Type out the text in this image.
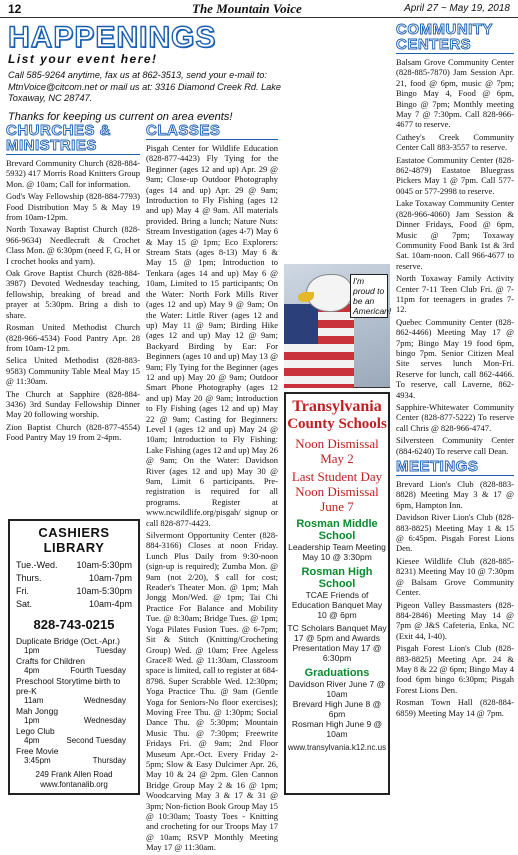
12	The Mountain Voice	April 27 ~ May 19, 2018
HAPPENINGS
List your event here!
Call 585-9264 anytime, fax us at 862-3513, send your e-mail to: MtnVoice@citcom.net or mail us at: 3316 Diamond Creek Rd. Lake Toxaway, NC 28747.
Thanks for keeping us current on area events!
CHURCHES & MINISTRIES
Brevard Community Church (828-884-5932) 417 Morris Road Knitters Group Mon. @ 10am; Call for information.
God's Way Fellowship (828-884-7793) Food Distribution May 5 & May 19 from 10am-12pm.
North Toxaway Baptist Church (828-966-9634) Needlecraft & Crochet Class Mon. @ 6:30pm (need F, G, H or I crochet hooks and yarn).
Oak Grove Baptist Church (828-884-3987) Devoted Wednesday teaching, fellowship, breaking of bread and prayer at 5:30pm. Bring a dish to share.
Rosman United Methodist Church (828-966-4534) Food Pantry Apr. 28 from 10am-12 pm.
Selica United Methodist (828-883-9583) Community Table Meal May 15 @ 11:30am.
The Church at Sapphire (828-884-3436) 3rd Sunday Fellowship Dinner May 20 following worship.
Zion Baptist Church (828-877-4554) Food Pantry May 19 from 2-4pm.
CLASSES
Pisgah Center for Wildlife Education (828-877-4423) Fly Tying for the Beginner (ages 12 and up) Apr. 29 @ 9am; Close-up Outdoor Photography (ages 14 and up) Apr. 29 @ 9am; Introduction to Fly Fishing (ages 12 and up) May 4 @ 9am. All materials provided. Bring a lunch; Nature Nuts: Stream Investigation (ages 4-7) May 6 & May 15 @ 1pm; Eco Explorers: Stream Stats (ages 8-13) May 6 & May 15 @ 1pm; Introduction to Tenkara (ages 14 and up) May 6 @ 10am, Limited to 15 participants; On the Water: North Fork Mills River (ages 12 and up) May 9 @ 9am; On the Water: Little River (ages 12 and up) May 11 @ 9am; Birding Hike (ages 12 and up) May 12 @ 9am; Backyard Birding by Ear: For Beginners (ages 10 and up) May 13 @ 9am; Fly Tying for the Beginner (ages 12 and up) May 20 @ 9am; Outdoor Smart Phone Photography (ages 12 and up) May 20 @ 9am; Introduction to Fly Fishing (ages 12 and up) May 22 @ 9am; Casting for Beginners: Level I (ages 12 and up) May 24 @ 10am; Introduction to Fly Fishing: Lake Fishing (ages 12 and up) May 26 @ 9am; On the Water: Davidson River (ages 12 and up) May 30 @ 9am, Limit 6 participants. Pre-registration is required for all programs. Register at www.ncwildlife.org/pisgah/ signup or call 828-877-4423.
Silvermont Opportunity Center (828-884-3166) Closes at noon Friday. Lunch Plus Daily from 9:30-noon (sign-up is required); Zumba Mon. @ 9am (not 2/20), $ call for cost; Reader's Theater Mon. @ 1pm; Mah Jongg Mon/Wed. @ 1pm; Tai Chi Practice For Balance and Mobility Tue. @ 8:30am; Bridge Tues. @ 1pm; Yoga Pilates Fusion Tues. @ 6-7pm; Sit & Stitch (Knitting/Crocheting Group) Wed. @ 10am; Free Ageless Grace® Wed. @ 11:30am, Classroom space is limited, call to register at 684-8798. Super Scrabble Wed. 12:30pm; Yoga Practice Thu. @ 9am (Gentle Yoga for Seniors-No floor exercises); Moving Free Thu. @ 1:30pm; Social Dance Thu. @ 5:30pm; Mountain Music Thu. @ 7:30pm; Freewrite Fridays Fri. @ 9am; 2nd Floor Museum Apr.-Oct. Every Friday 2-5pm; Slow & Easy Dulcimer Apr. 26, May 10 & 24 @ 2pm. Glen Cannon Bridge Group May 2 & 16 @ 1pm; Woodcarving May 3 & 17 & 31 @ 3pm; Non-fiction Book Group May 15 @ 10:30am; Toasty Toes - Knitting and crocheting for our Troops May 17 @ 10am; RSVP Monthly Meeting May 17 @ 11:30am.
CASHIERS LIBRARY
Tue.-Wed. 10am-5:30pm
Thurs.	10am-7pm
Fri.	10am-5:30pm
Sat.	10am-4pm
828-743-0215
Duplicate Bridge (Oct.-Apr.)
1pm	Tuesday
Crafts for Children
4pm	Fourth Tuesday
Preschool Storytime birth to pre-K
11am	Wednesday
Mah Jongg
1pm	Wednesday
Lego Club
4pm	Second Tuesday
Free Movie
3:45pm	Thursday
249 Frank Allen Road
www.fontanalib.org
I'm proud to be an American!
Transylvania
County Schools
Noon Dismissal May 2
Last Student Day Noon Dismissal June 7
Rosman Middle School
Leadership Team Meeting May 10 @ 3:30pm
Rosman High School
TCAE Friends of Education Banquet May 10 @ 6pm
TC Scholars Banquet May 17 @ 5pm and Awards Presentation May 17 @ 6:30pm
Graduations
Davidson River June 7 @ 10am
Brevard High June 8 @ 6pm
Rosman High June 9 @ 10am
www.transylvania.k12.nc.us
COMMUNITY CENTERS
Balsam Grove Community Center (828-885-7870) Jam Session Apr. 21, food @ 6pm, music @ 7pm; Bingo May 4, Food @ 6pm, Bingo @ 7pm; Monthly meeting May 7 @ 7:30pm. Call 828-966-4677 to reserve.
Cathey's Creek Community Center Call 883-3557 to reserve.
Eastatoe Community Center (828-862-4879) Eastatoe Bluegrass Pickers May 1 @ 7pm. Call 577-0045 or 577-2998 to reserve.
Lake Toxaway Community Center (828-966-4060) Jam Session & Dinner Fridays, Food @ 6pm, Music @ 7pm; Toxaway Community Food Bank 1st & 3rd Sat. 10am-noon. Call 966-4677 to reserve.
North Toxaway Family Activity Center 7-11 Teen Club Fri. @ 7-11pm for teenagers in grades 7-12.
Quebec Community Center (828-862-4466) Meeting May 17 @ 7pm; Bingo May 19 food 6pm, bingo 7pm. Senior Citizen Meal Site serves lunch Mon-Fri. Reserve for lunch, call 862-4466. To reserve, call Laverne, 862-4934.
Sapphire-Whitewater Community Center (828-877-5222) To reserve call Chris @ 828-966-4747.
Silversteen Community Center (884-6240) To reserve call Dean.
MEETINGS
Brevard Lion's Club (828-883-8828) Meeting May 3 & 17 @ 6pm, Hampton Inn.
Davidson River Lion's Club (828-883-8825) Meeting May 1 & 15 @ 6:45pm. Pisgah Forest Lions Den.
Kiesee Wildlife Club (828-885-8231) Meeting May 10 @ 7:30pm @ Balsam Grove Community Center.
Pigeon Valley Bassmasters (828-884-2846) Meeting May 14 @ 7pm @ J&S Cafeteria, Enka, NC (Exit 44, I-40).
Pisgah Forest Lion's Club (828-883-8825) Meeting Apr. 24 & May 8 & 22 @ 6pm; Bingo May 4 food 6pm bingo 6:30pm; Pisgah Forest Lions Den.
Rosman Town Hall (828-884-6859) Meeting May 14 @ 7pm.
